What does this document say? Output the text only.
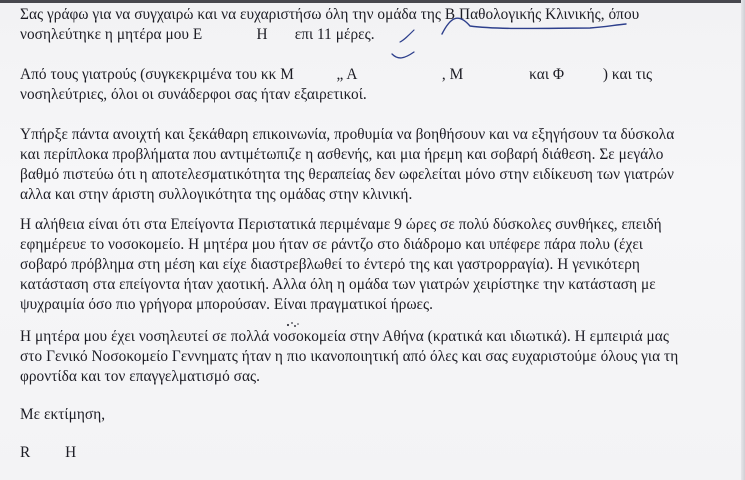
Σας γράφω για να συγχαιρώ και να ευχαριστήσω όλη την ομάδα της Β Παθολογικής Κλινικής, όπου
νοσηλεύτηκε η μητέρα μου Ε              Η       επι 11 μέρες.
Από τους γιατρούς (συγκεκριμένα του κκ Μ           „ Α                      , Μ                 και Φ          ) και τις
νοσηλεύτριες, όλοι οι συνάδερφοι σας ήταν εξαιρετικοί.
Υπήρξε πάντα ανοιχτή και ξεκάθαρη επικοινωνία, προθυμία να βοηθήσουν και να εξηγήσουν τα δύσκολα
και περίπλοκα προβλήματα που αντιμέτωπιζε η ασθενής, και μια ήρεμη και σοβαρή διάθεση. Σε μεγάλο
βαθμό πιστεύω ότι η αποτελεσματικότητα της θεραπείας δεν ωφελείται μόνο στην ειδίκευση των γιατρών
αλλα και στην άριστη συλλογικότητα της ομάδας στην κλινική.
Η αλήθεια είναι ότι στα Επείγοντα Περιστατικά περιμέναμε 9 ώρες σε πολύ δύσκολες συνθήκες, επειδή
εφημέρευε το νοσοκομείο. Η μητέρα μου ήταν σε ράντζο στο διάδρομο και υπέφερε πάρα πολυ (έχει
σοβαρό πρόβλημα στη μέση και είχε διαστρεβλωθεί το έντερό της και γαστρορραγία). Η γενικότερη
κατάσταση στα επείγοντα ήταν χαοτική. Αλλα όλη η ομάδα των γιατρών χειρίστηκε την κατάσταση με
ψυχραιμία όσο πιο γρήγορα μπορούσαν. Είναι πραγματικοί ήρωες.
Η μητέρα μου έχει νοσηλευτεί σε πολλά νοσοκομεία στην Αθήνα (κρατικά και ιδιωτικά). Η εμπειριά μας
στο Γενικό Νοσοκομείο Γεννηματς ήταν η πιο ικανοποιητική από όλες και σας ευχαριστούμε όλους για τη
φροντίδα και τον επαγγελματισμό σας.
Με εκτίμηση,
R         H
